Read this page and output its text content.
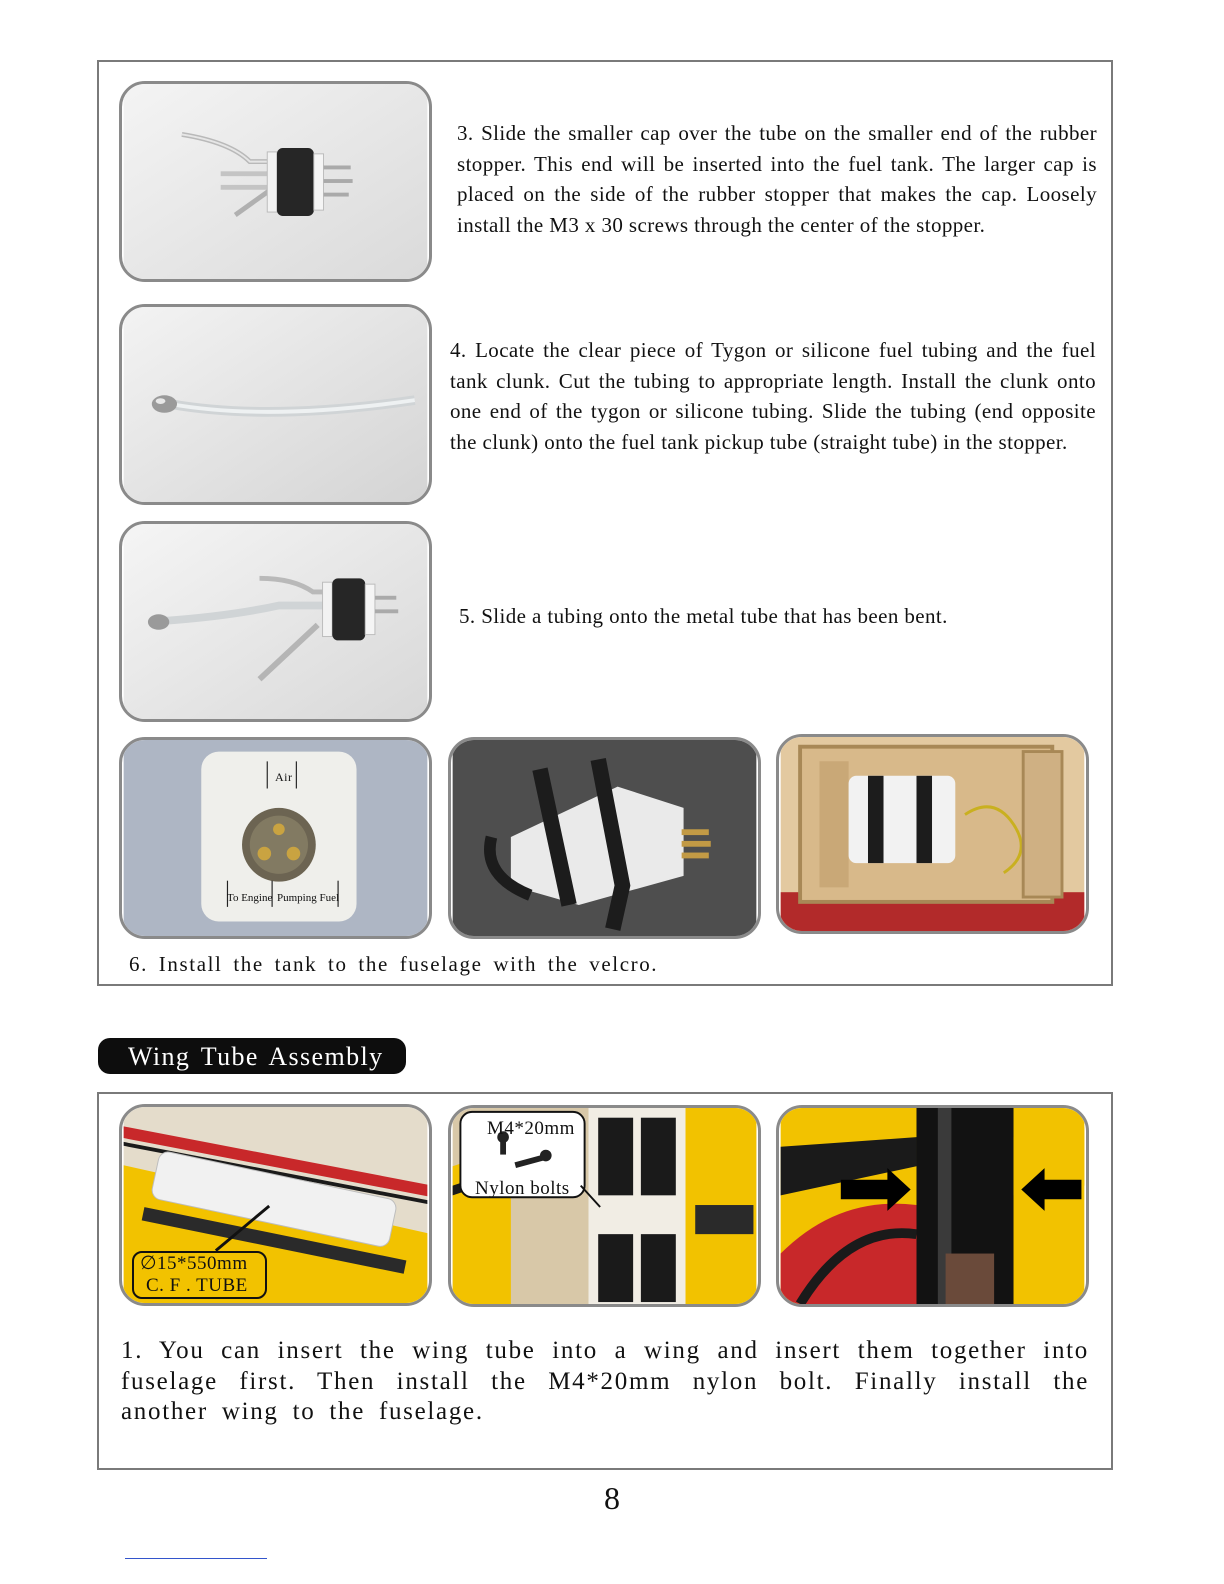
3. Slide the smaller cap over the tube on the smaller end of the rubber stopper. This end will be inserted into the fuel tank. The larger cap is placed on the side of the rubber stopper that makes the cap. Loosely install the M3 x 30 screws through the center of the stopper.
4. Locate the clear piece of Tygon or silicone fuel tubing and the fuel tank clunk. Cut the tubing to appropriate length. Install the clunk onto one end of the tygon or silicone tubing. Slide the tubing (end opposite the clunk) onto the fuel tank pickup tube (straight tube) in the stopper.
5. Slide a tubing onto the metal tube that has been bent.
Air
To Engine Pumping Fuel
6. Install the tank to the fuselage with the velcro.
Wing Tube Assembly
∅15*550mm
C. F . TUBE
M4*20mm
Nylon bolts
1. You can insert the wing tube into a wing and insert them together into fuselage first. Then install the M4*20mm nylon bolt. Finally install the another wing to the fuselage.
8
